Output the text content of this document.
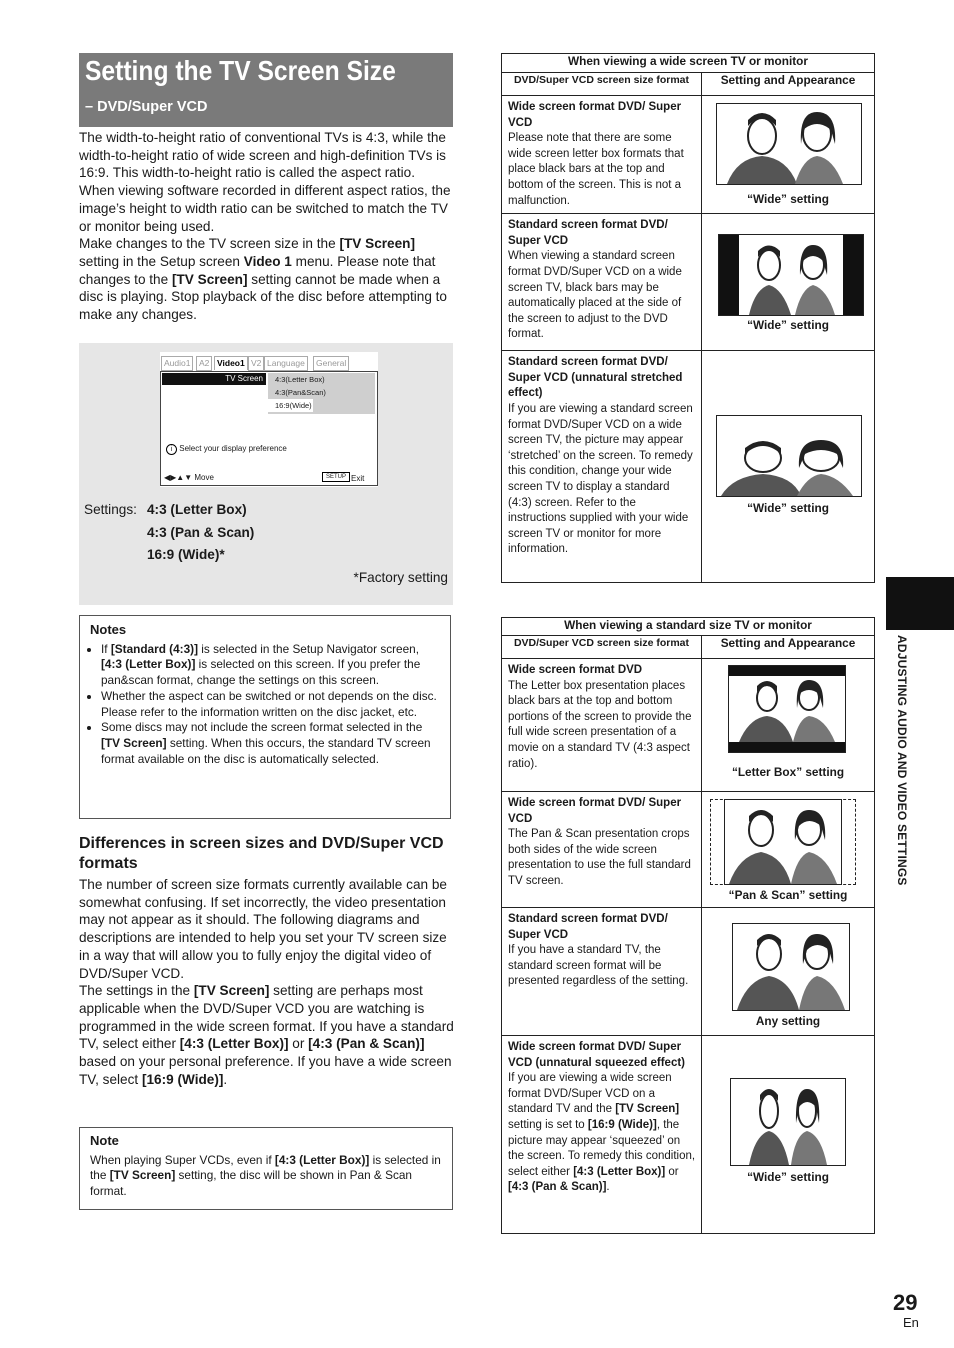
Setting the TV Screen Size
– DVD/Super VCD
The width-to-height ratio of conventional TVs is 4:3, while the width-to-height ratio of wide screen and high-definition TVs is 16:9. This width-to-height ratio is called the aspect ratio.
When viewing software recorded in different aspect ratios, the image’s height to width ratio can be switched to match the TV or monitor being used.
Make changes to the TV screen size in the [TV Screen] setting in the Setup screen Video 1 menu. Please note that changes to the [TV Screen] setting cannot be made when a disc is playing. Stop playback of the disc before attempting to make any changes.
Audio1	A2 Video1 V2 Language	General
TV Screen	4:3(Letter Box)
4:3(Pan&Scan)
16:9(Wide)
i Select your display preference
◀▶▲▼ Move	SETUP Exit
Settings: 4:3 (Letter Box)
4:3 (Pan & Scan)
16:9 (Wide)*
*Factory setting
Notes
• If [Standard (4:3)] is selected in the Setup Navigator screen, [4:3 (Letter Box)] is selected on this screen. If you prefer the pan&scan format, change the settings on this screen.
• Whether the aspect can be switched or not depends on the disc. Please refer to the information written on the disc jacket, etc.
• Some discs may not include the screen format selected in the [TV Screen] setting. When this occurs, the standard TV screen format available on the disc is automatically selected.
Differences in screen sizes and DVD/Super VCD formats
The number of screen size formats currently available can be somewhat confusing. If set incorrectly, the video presentation may not appear as it should. The following diagrams and descriptions are intended to help you set your TV screen size in a way that will allow you to fully enjoy the digital video of DVD/Super VCD.
The settings in the [TV Screen] setting are perhaps most applicable when the DVD/Super VCD you are watching is programmed in the wide screen format. If you have a standard TV, select either [4:3 (Letter Box)] or [4:3 (Pan & Scan)] based on your personal preference. If you have a wide screen TV, select [16:9 (Wide)].
Note
When playing Super VCDs, even if [4:3 (Letter Box)] is selected in the [TV Screen] setting, the disc will be shown in Pan & Scan format.
When viewing a wide screen TV or monitor	
DVD/Super VCD screen size format	Setting and Appearance

Wide screen format DVD/ Super VCD
Please note that there are some wide screen letter box formats that place black bars at the top and bottom of the screen. This is not a malfunction.	“Wide” setting

Standard screen format DVD/ Super VCD
When viewing a standard screen format DVD/Super VCD on a wide screen TV, black bars may be automatically placed at the side of the screen to adjust to the DVD format.	“Wide” setting

Standard screen format DVD/ Super VCD (unnatural stretched effect)
If you are viewing a standard screen format DVD/Super VCD on a wide screen TV, the picture may appear ‘stretched’ on the screen. To remedy this condition, change your wide screen TV to display a standard (4:3) screen. Refer to the instructions supplied with your wide screen TV or monitor for more information.	“Wide” setting
When viewing a standard size TV or monitor	
DVD/Super VCD screen size format	Setting and Appearance

Wide screen format DVD
The Letter box presentation places black bars at the top and bottom portions of the screen to provide the full wide screen presentation of a movie on a standard TV (4:3 aspect ratio).	“Letter Box” setting

Wide screen format DVD/ Super VCD
The Pan & Scan presentation crops both sides of the wide screen presentation to use the full standard TV screen.	“Pan & Scan” setting

Standard screen format DVD/ Super VCD
If you have a standard TV, the standard screen format will be presented regardless of the setting.	Any setting

Wide screen format DVD/ Super VCD (unnatural squeezed effect)
If you are viewing a wide screen format DVD/Super VCD on a standard TV and the [TV Screen] setting is set to [16:9 (Wide)], the picture may appear ‘squeezed’ on the screen. To remedy this condition, select either [4:3 (Letter Box)] or [4:3 (Pan & Scan)].	“Wide” setting
ADJUSTING AUDIO AND VIDEO SETTINGS
29
En
